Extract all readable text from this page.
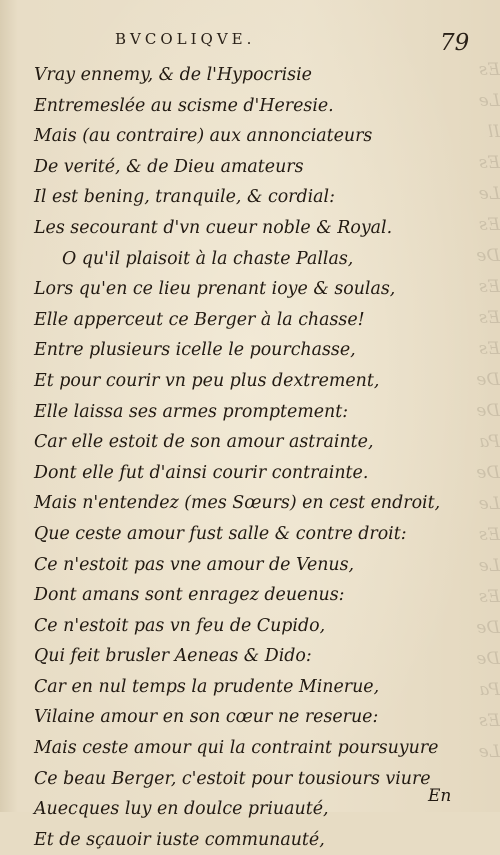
Es
Le
Il
Es
Le
Es
De
Es
Es
Es
De
De
Pa
De
Le
Es
Le
Es
De
De
Pa
Es
Le
BVCOLIQVE.	79
Vray ennemy, & de l'Hypocrisie
Entremeslée au scisme d'Heresie.
Mais (au contraire) aux annonciateurs
De verité, & de Dieu amateurs
Il est bening, tranquile, & cordial:
Les secourant d'vn cueur noble & Royal.
O qu'il plaisoit à la chaste Pallas,
Lors qu'en ce lieu prenant ioye & soulas,
Elle apperceut ce Berger à la chasse!
Entre plusieurs icelle le pourchasse,
Et pour courir vn peu plus dextrement,
Elle laissa ses armes promptement:
Car elle estoit de son amour astrainte,
Dont elle fut d'ainsi courir contrainte.
Mais n'entendez (mes Sœurs) en cest endroit,
Que ceste amour fust salle & contre droit:
Ce n'estoit pas vne amour de Venus,
Dont amans sont enragez deuenus:
Ce n'estoit pas vn feu de Cupido,
Qui feit brusler Aeneas & Dido:
Car en nul temps la prudente Minerue,
Vilaine amour en son cœur ne reserue:
Mais ceste amour qui la contraint poursuyure
Ce beau Berger, c'estoit pour tousiours viure
Auecques luy en doulce priuauté,
Et de sçauoir iuste communauté,
En
